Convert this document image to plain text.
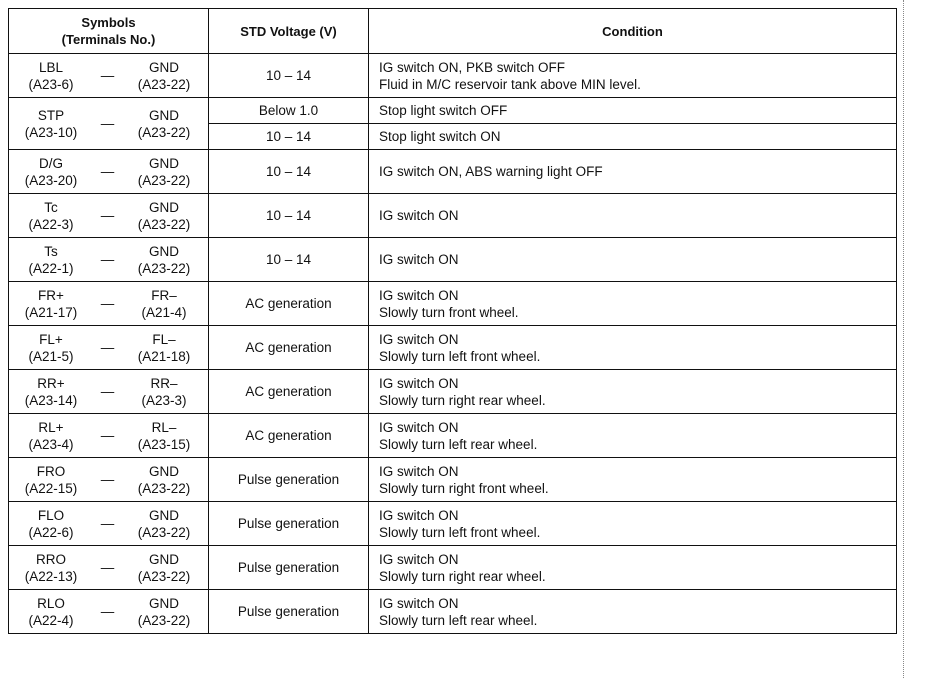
Symbols
(Terminals No.)	STD Voltage (V)	Condition

LBL
(A23-6)
—
GND
(A23-22)	10 – 14	IG switch ON, PKB switch OFF
Fluid in M/C reservoir tank above MIN level.

STP
(A23-10)
—
GND
(A23-22)	Below 1.0	Stop light switch OFF

	10 – 14	Stop light switch ON

D/G
(A23-20)
—
GND
(A23-22)	10 – 14	IG switch ON, ABS warning light OFF

Tc
(A22-3)
—
GND
(A23-22)	10 – 14	IG switch ON

Ts
(A22-1)
—
GND
(A23-22)	10 – 14	IG switch ON

FR+
(A21-17)
—
FR–
(A21-4)	AC generation	IG switch ON
Slowly turn front wheel.

FL+
(A21-5)
—
FL–
(A21-18)	AC generation	IG switch ON
Slowly turn left front wheel.

RR+
(A23-14)
—
RR–
(A23-3)	AC generation	IG switch ON
Slowly turn right rear wheel.

RL+
(A23-4)
—
RL–
(A23-15)	AC generation	IG switch ON
Slowly turn left rear wheel.

FRO
(A22-15)
—
GND
(A23-22)	Pulse generation	IG switch ON
Slowly turn right front wheel.

FLO
(A22-6)
—
GND
(A23-22)	Pulse generation	IG switch ON
Slowly turn left front wheel.

RRO
(A22-13)
—
GND
(A23-22)	Pulse generation	IG switch ON
Slowly turn right rear wheel.

RLO
(A22-4)
—
GND
(A23-22)	Pulse generation	IG switch ON
Slowly turn left rear wheel.
